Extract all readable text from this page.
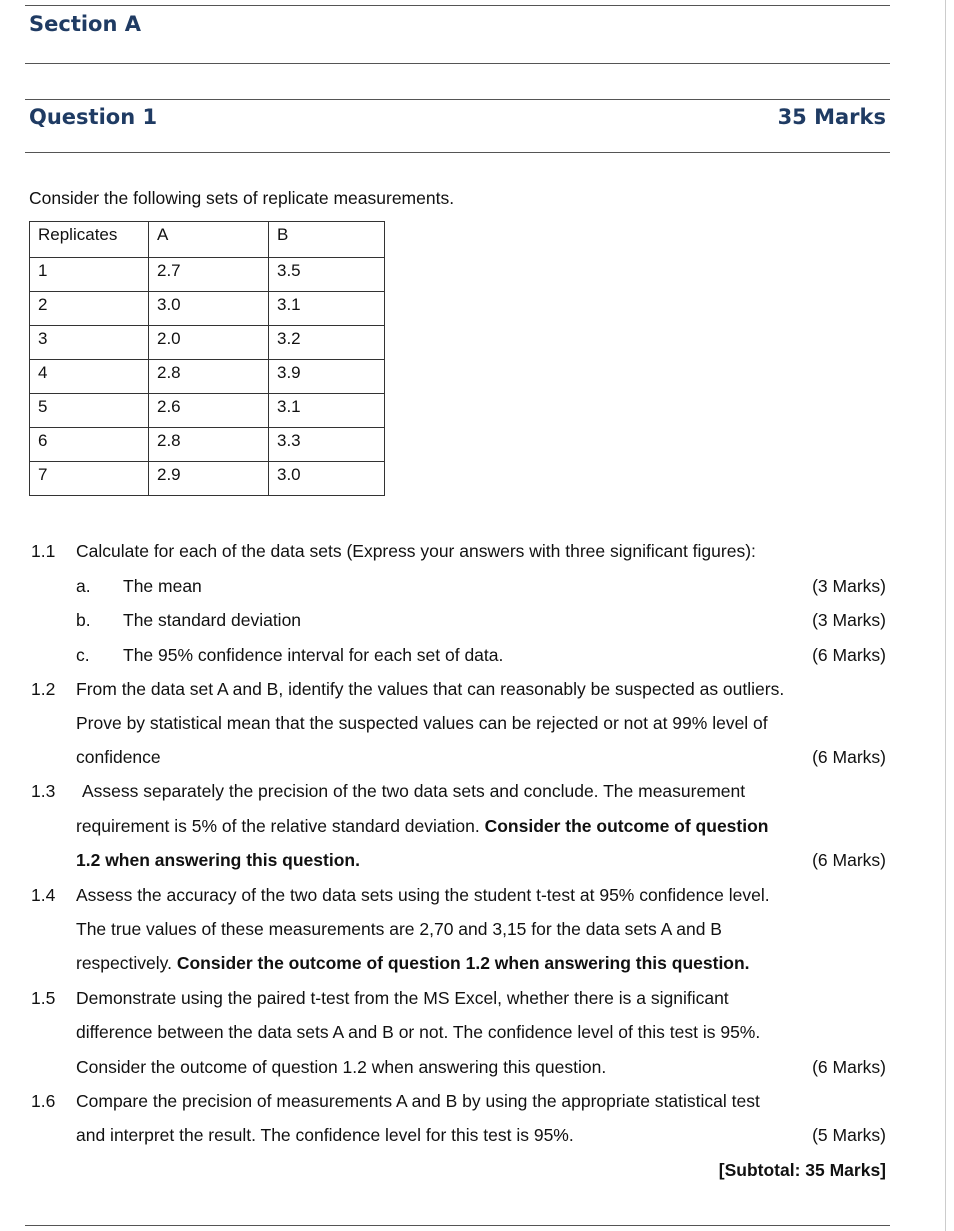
Section A
Question 1	35 Marks
Consider the following sets of replicate measurements.
Replicates	A	B
1	2.7	3.5
2	3.0	3.1
3	2.0	3.2
4	2.8	3.9
5	2.6	3.1
6	2.8	3.3
7	2.9	3.0
1.1 Calculate for each of the data sets (Express your answers with three significant figures):
a. The mean	(3 Marks)
b. The standard deviation	(3 Marks)
c. The 95% confidence interval for each set of data.	(6 Marks)
1.2 From the data set A and B, identify the values that can reasonably be suspected as outliers.
Prove by statistical mean that the suspected values can be rejected or not at 99% level of
confidence	(6 Marks)
1.3 Assess separately the precision of the two data sets and conclude. The measurement
requirement is 5% of the relative standard deviation. Consider the outcome of question
1.2 when answering this question.	(6 Marks)
1.4 Assess the accuracy of the two data sets using the student t-test at 95% confidence level.
The true values of these measurements are 2,70 and 3,15 for the data sets A and B
respectively. Consider the outcome of question 1.2 when answering this question.
1.5 Demonstrate using the paired t-test from the MS Excel, whether there is a significant
difference between the data sets A and B or not. The confidence level of this test is 95%.
Consider the outcome of question 1.2 when answering this question.	(6 Marks)
1.6 Compare the precision of measurements A and B by using the appropriate statistical test
and interpret the result. The confidence level for this test is 95%.	(5 Marks)
[Subtotal: 35 Marks]
